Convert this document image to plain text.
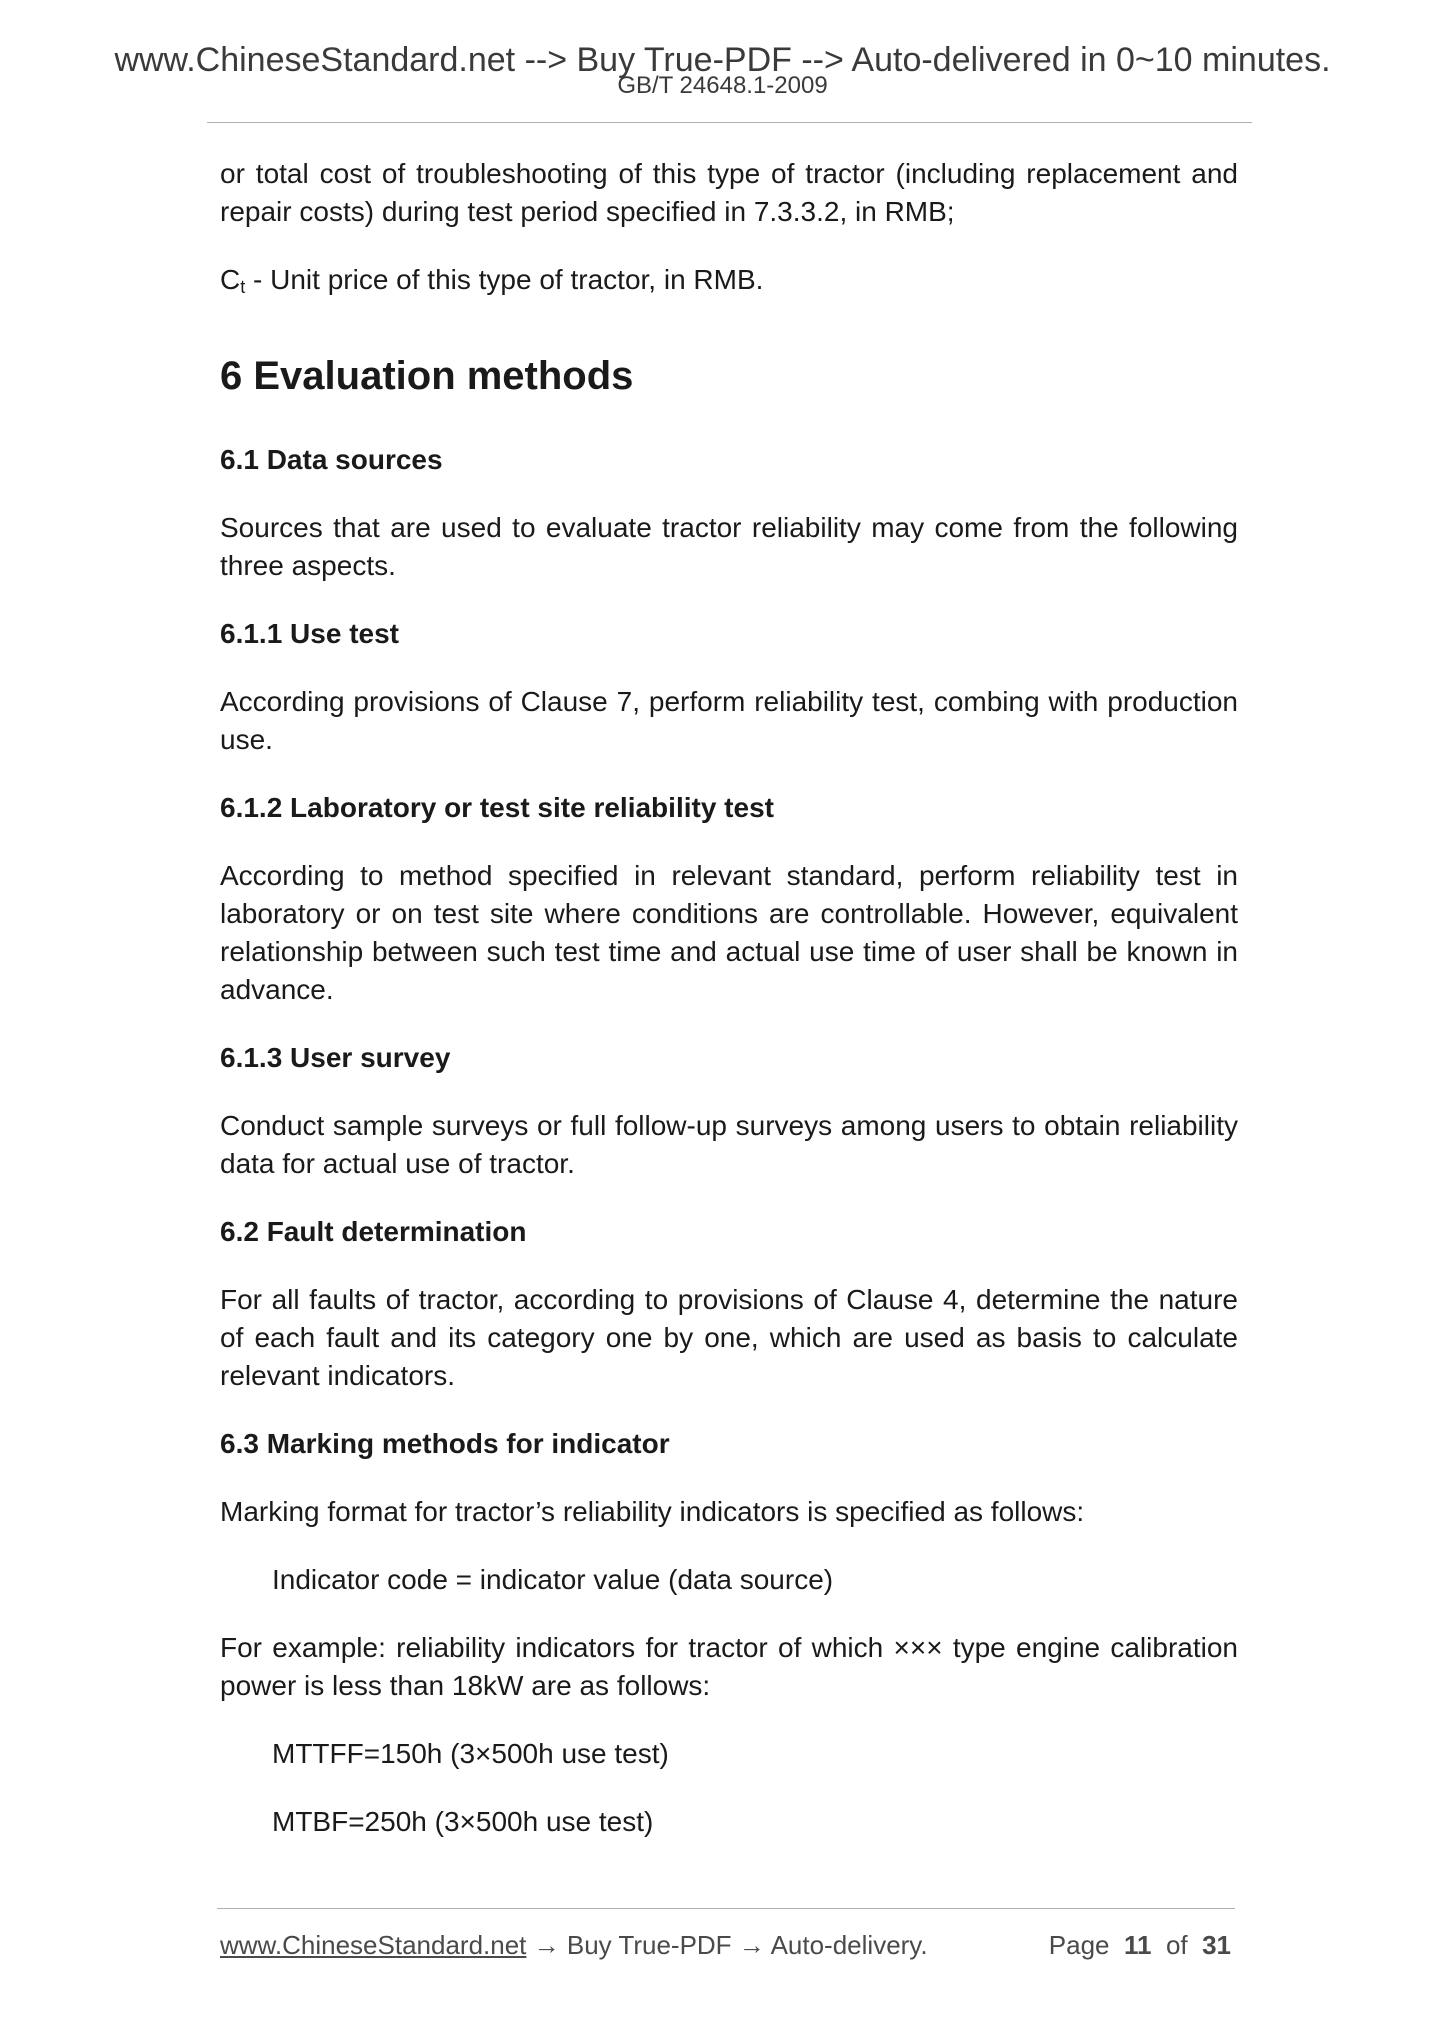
www.ChineseStandard.net --> Buy True-PDF --> Auto-delivered in 0~10 minutes.
GB/T 24648.1-2009

or total cost of troubleshooting of this type of tractor (including replacement and repair costs) during test period specified in 7.3.3.2, in RMB;

$C_t$ - Unit price of this type of tractor, in RMB.

6 Evaluation methods
6.1 Data sources

Sources that are used to evaluate tractor reliability may come from the following three aspects.

6.1.1 Use test

According provisions of Clause 7, perform reliability test, combing with production use.

6.1.2 Laboratory or test site reliability test

According to method specified in relevant standard, perform reliability test in laboratory or on test site where conditions are controllable. However, equivalent relationship between such test time and actual use time of user shall be known in advance.

6.1.3 User survey

Conduct sample surveys or full follow-up surveys among users to obtain reliability data for actual use of tractor.

6.2 Fault determination

For all faults of tractor, according to provisions of Clause 4, determine the nature of each fault and its category one by one, which are used as basis to calculate relevant indicators.

6.3 Marking methods for indicator

Marking format for tractor’s reliability indicators is specified as follows:

Indicator code = indicator value (data source)

For example: reliability indicators for tractor of which ××× type engine calibration power is less than 18kW are as follows:

MTTFF=150h (3×500h use test)

MTBF=250h (3×500h use test)

www.ChineseStandard.net → Buy True-PDF → Auto-delivery.	Page 11 of 31
